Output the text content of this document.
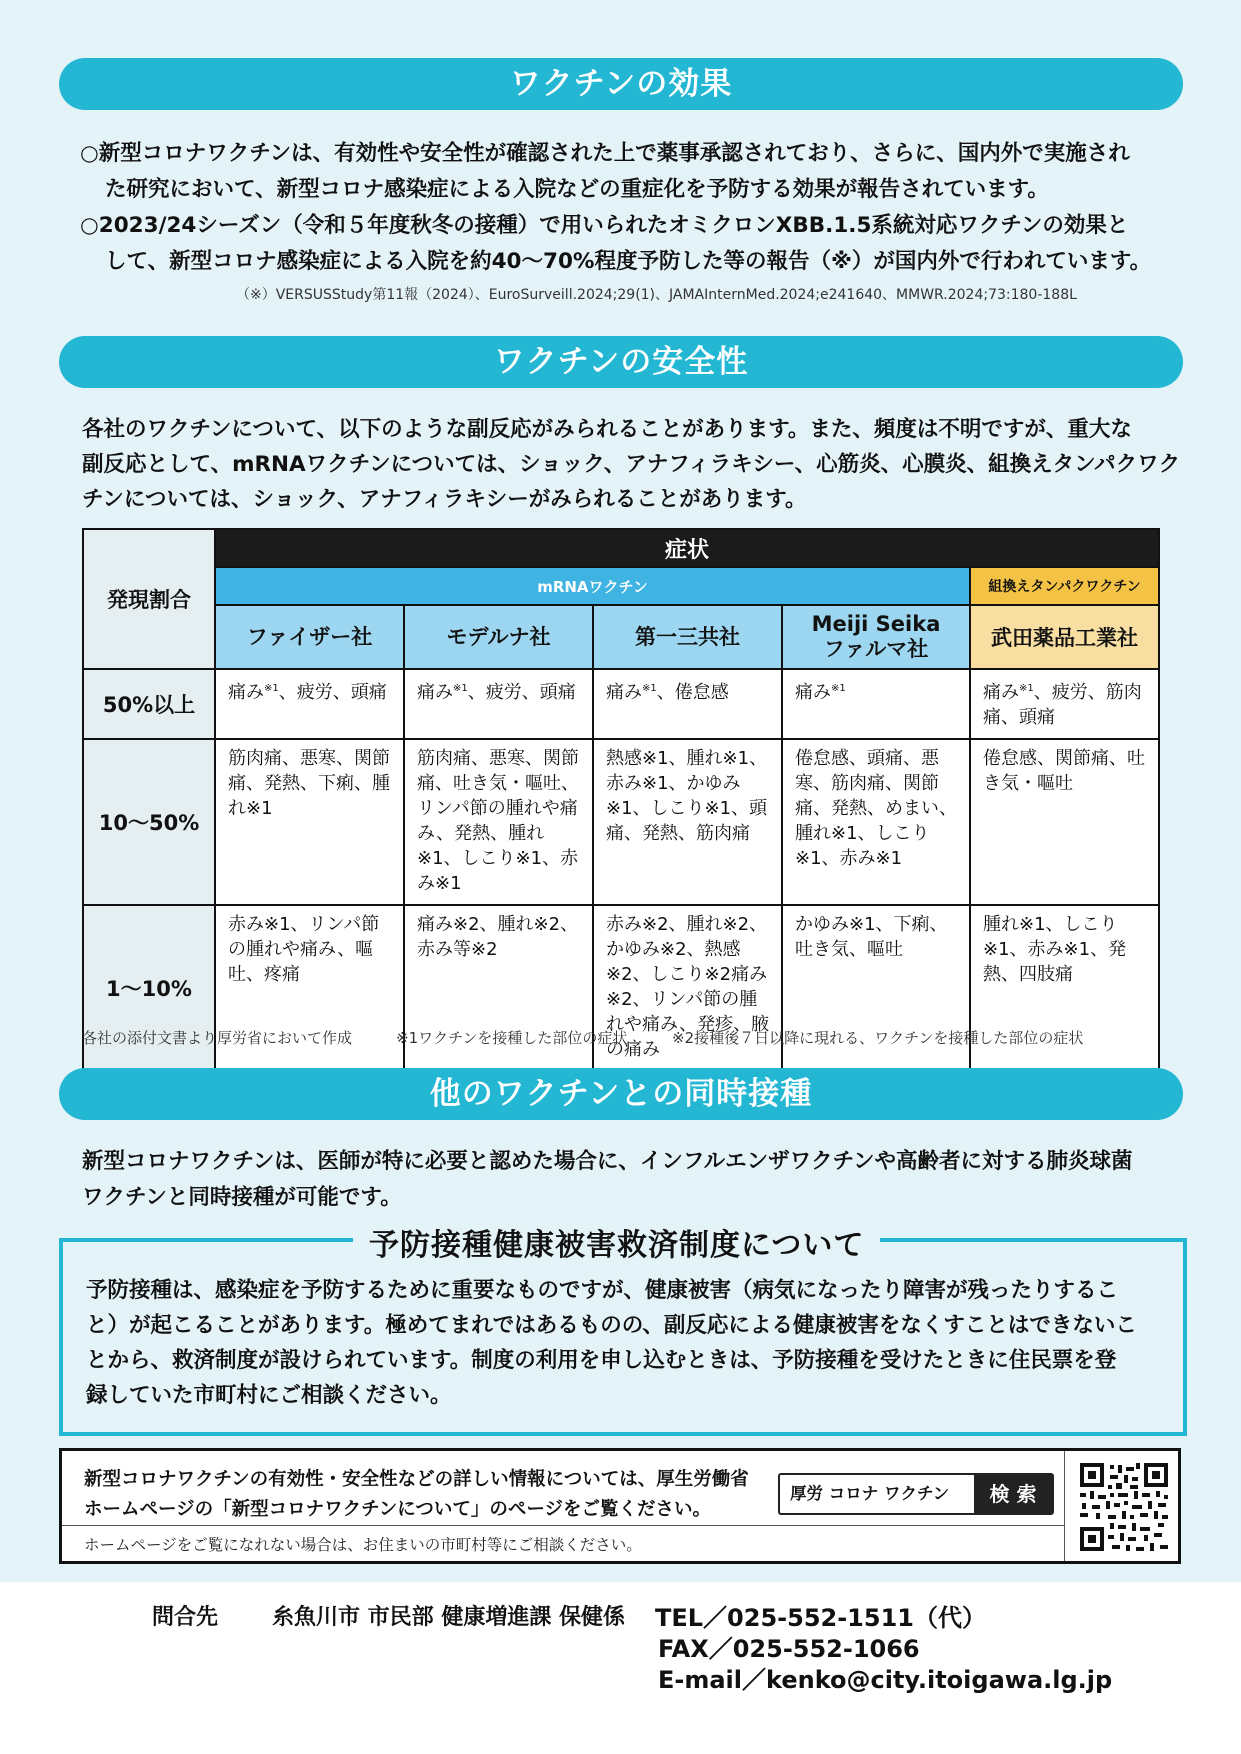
ワクチンの効果
○新型コロナワクチンは、有効性や安全性が確認された上で薬事承認されており、さらに、国内外で実施され
た研究において、新型コロナ感染症による入院などの重症化を予防する効果が報告されています。
○2023/24シーズン（令和５年度秋冬の接種）で用いられたオミクロンXBB.1.5系統対応ワクチンの効果と
して、新型コロナ感染症による入院を約40～70%程度予防した等の報告（※）が国内外で行われています。
（※）VERSUSStudy第11報（2024）、EuroSurveill.2024;29(1)、JAMAInternMed.2024;e241640、MMWR.2024;73:180-188L
ワクチンの安全性
各社のワクチンについて、以下のような副反応がみられることがあります。また、頻度は不明ですが、重大な
副反応として、mRNAワクチンについては、ショック、アナフィラキシー、心筋炎、心膜炎、組換えタンパクワク
チンについては、ショック、アナフィラキシーがみられることがあります。
発現割合	症状				
	mRNAワクチン				組換えタンパクワクチン
	ファイザー社	モデルナ社	第一三共社	Meiji Seika
ファルマ社	武田薬品工業社
50%以上	痛み$^{※1}$、疲労、頭痛	痛み$^{※1}$、疲労、頭痛	痛み$^{※1}$、倦怠感	痛み$^{※1}$	痛み$^{※1}$、疲労、筋肉痛、頭痛
10～50%	筋肉痛、悪寒、関節痛、発熱、下痢、腫れ※1	筋肉痛、悪寒、関節痛、吐き気・嘔吐、リンパ節の腫れや痛み、発熱、腫れ※1、しこり※1、赤み※1	熱感※1、腫れ※1、赤み※1、かゆみ※1、しこり※1、頭痛、発熱、筋肉痛	倦怠感、頭痛、悪寒、筋肉痛、関節痛、発熱、めまい、腫れ※1、しこり※1、赤み※1	倦怠感、関節痛、吐き気・嘔吐
1～10%	赤み※1、リンパ節の腫れや痛み、嘔吐、疼痛	痛み※2、腫れ※2、赤み等※2	赤み※2、腫れ※2、かゆみ※2、熱感※2、しこり※2痛み※2、リンパ節の腫れや痛み、発疹、腋の痛み	かゆみ※1、下痢、吐き気、嘔吐	腫れ※1、しこり※1、赤み※1、発熱、四肢痛
各社の添付文書より厚労省において作成	※1ワクチンを接種した部位の症状	※2接種後７日以降に現れる、ワクチンを接種した部位の症状
他のワクチンとの同時接種
新型コロナワクチンは、医師が特に必要と認めた場合に、インフルエンザワクチンや高齢者に対する肺炎球菌
ワクチンと同時接種が可能です。
予防接種健康被害救済制度について
予防接種は、感染症を予防するために重要なものですが、健康被害（病気になったり障害が残ったりするこ
と）が起こることがあります。極めてまれではあるものの、副反応による健康被害をなくすことはできないこ
とから、救済制度が設けられています。制度の利用を申し込むときは、予防接種を受けたときに住民票を登
録していた市町村にご相談ください。
新型コロナワクチンの有効性・安全性などの詳しい情報については、厚生労働省
ホームページの「新型コロナワクチンについて」のページをご覧ください。
ホームページをご覧になれない場合は、お住まいの市町村等にご相談ください。
厚労 コロナ ワクチン	検 索
問合先 糸魚川市 市民部 健康増進課 保健係 TEL／025-552-1511（代）
FAX／025-552-1066
E-mail／kenko@city.itoigawa.lg.jp
